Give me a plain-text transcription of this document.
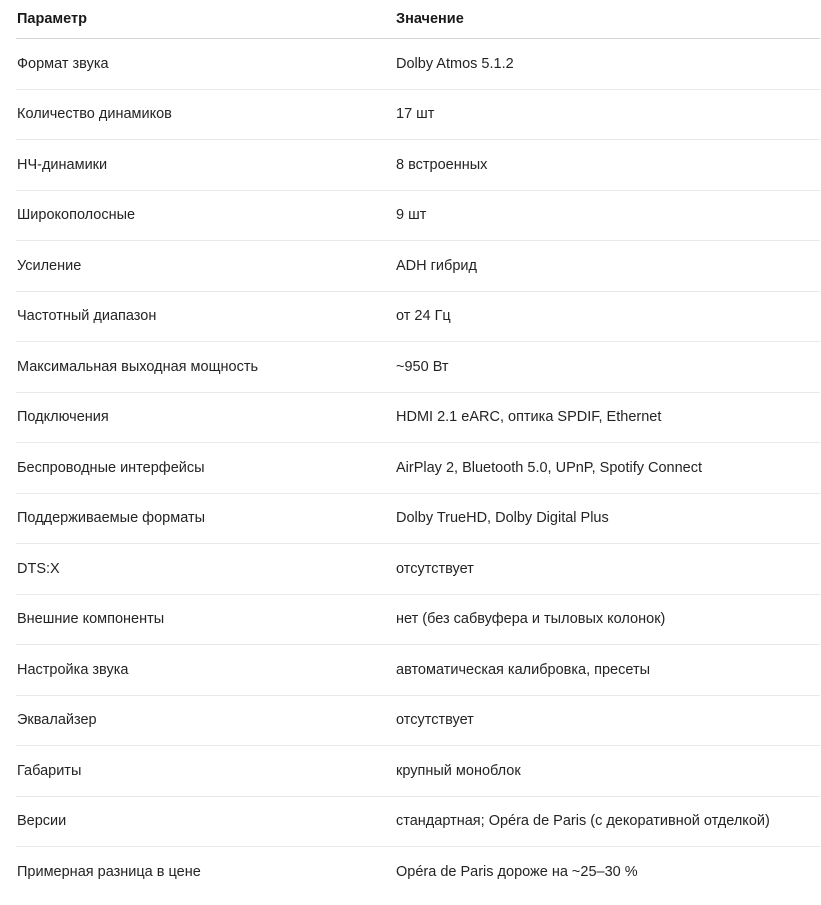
Параметр	Значение
Формат звука	Dolby Atmos 5.1.2
Количество динамиков	17 шт
НЧ-динамики	8 встроенных
Широкополосные	9 шт
Усиление	ADH гибрид
Частотный диапазон	от 24 Гц
Максимальная выходная мощность	~950 Вт
Подключения	HDMI 2.1 eARC, оптика SPDIF, Ethernet
Беспроводные интерфейсы	AirPlay 2, Bluetooth 5.0, UPnP, Spotify Connect
Поддерживаемые форматы	Dolby TrueHD, Dolby Digital Plus
DTS:X	отсутствует
Внешние компоненты	нет (без сабвуфера и тыловых колонок)
Настройка звука	автоматическая калибровка, пресеты
Эквалайзер	отсутствует
Габариты	крупный моноблок
Версии	стандартная; Opéra de Paris (с декоративной отделкой)
Примерная разница в цене	Opéra de Paris дороже на ~25–30 %
